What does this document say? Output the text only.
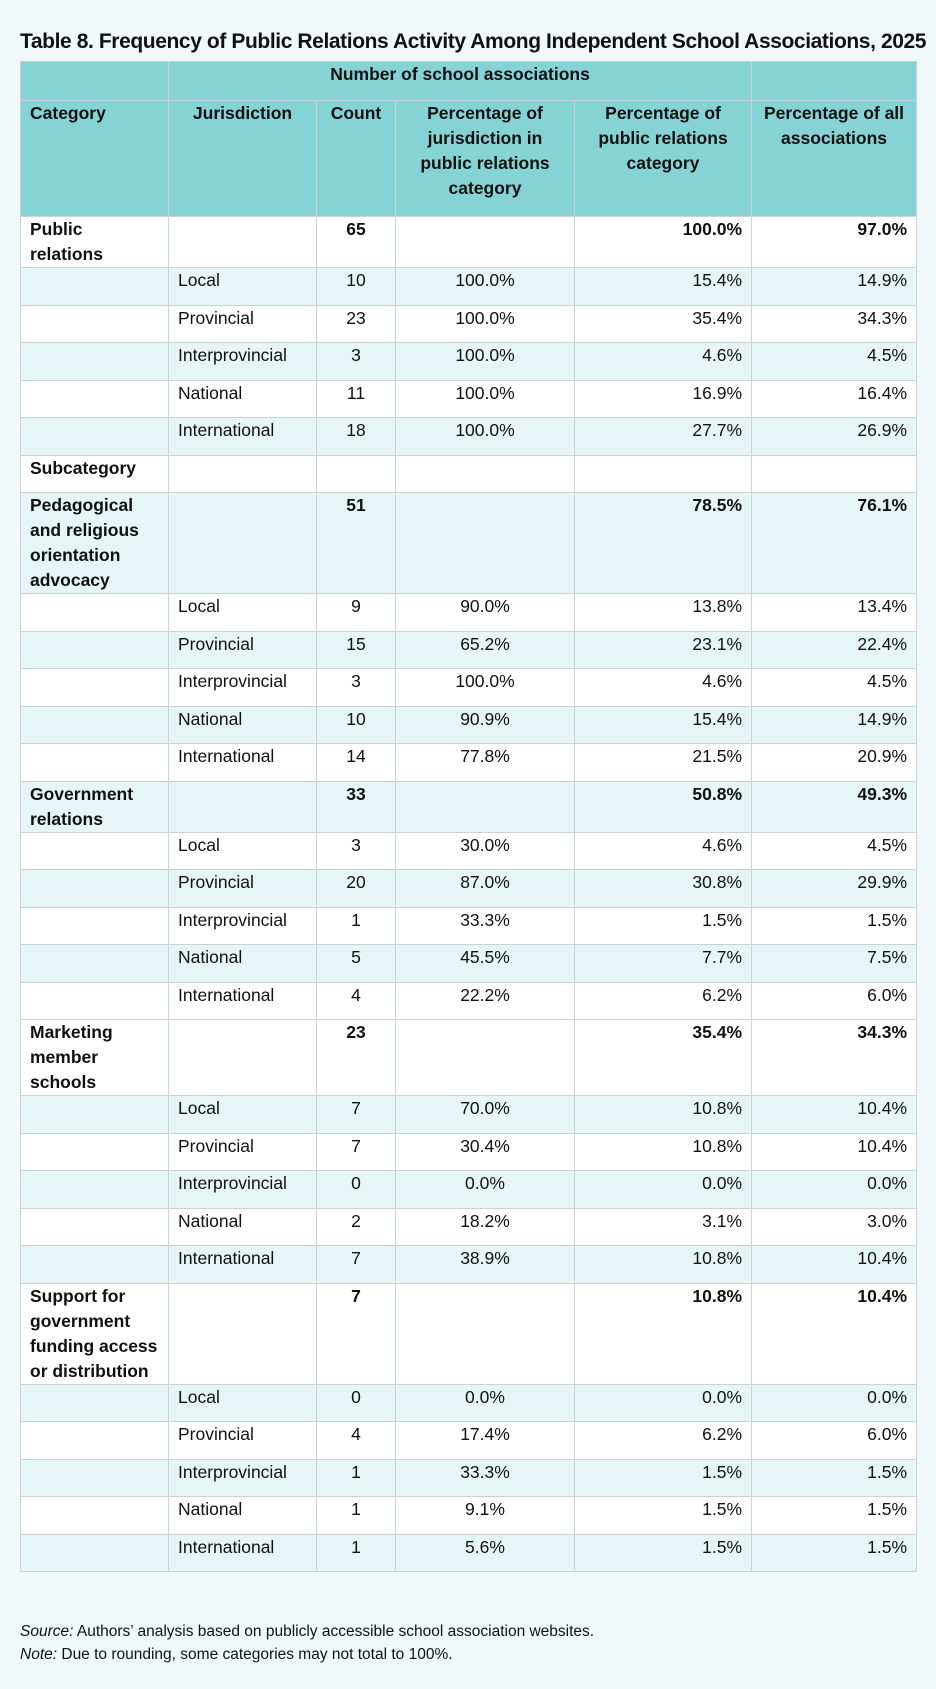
Table 8. Frequency of Public Relations Activity Among Independent School Associations, 2025
	Number of school associations				
Category	Jurisdiction	Count	Percentage of jurisdiction in public relations category	Percentage of public relations category	Percentage of all associations
Public relations		65		100.0%	97.0%
	Local	10	100.0%	15.4%	14.9%
	Provincial	23	100.0%	35.4%	34.3%
	Interprovincial	3	100.0%	4.6%	4.5%
	National	11	100.0%	16.9%	16.4%
	International	18	100.0%	27.7%	26.9%
Subcategory					
Pedagogical and religious orientation advocacy		51		78.5%	76.1%
	Local	9	90.0%	13.8%	13.4%
	Provincial	15	65.2%	23.1%	22.4%
	Interprovincial	3	100.0%	4.6%	4.5%
	National	10	90.9%	15.4%	14.9%
	International	14	77.8%	21.5%	20.9%
Government relations		33		50.8%	49.3%
	Local	3	30.0%	4.6%	4.5%
	Provincial	20	87.0%	30.8%	29.9%
	Interprovincial	1	33.3%	1.5%	1.5%
	National	5	45.5%	7.7%	7.5%
	International	4	22.2%	6.2%	6.0%
Marketing member schools		23		35.4%	34.3%
	Local	7	70.0%	10.8%	10.4%
	Provincial	7	30.4%	10.8%	10.4%
	Interprovincial	0	0.0%	0.0%	0.0%
	National	2	18.2%	3.1%	3.0%
	International	7	38.9%	10.8%	10.4%
Support for government funding access or distribution		7		10.8%	10.4%
	Local	0	0.0%	0.0%	0.0%
	Provincial	4	17.4%	6.2%	6.0%
	Interprovincial	1	33.3%	1.5%	1.5%
	National	1	9.1%	1.5%	1.5%
	International	1	5.6%	1.5%	1.5%
Source: Authors’ analysis based on publicly accessible school association websites.
Note: Due to rounding, some categories may not total to 100%.
